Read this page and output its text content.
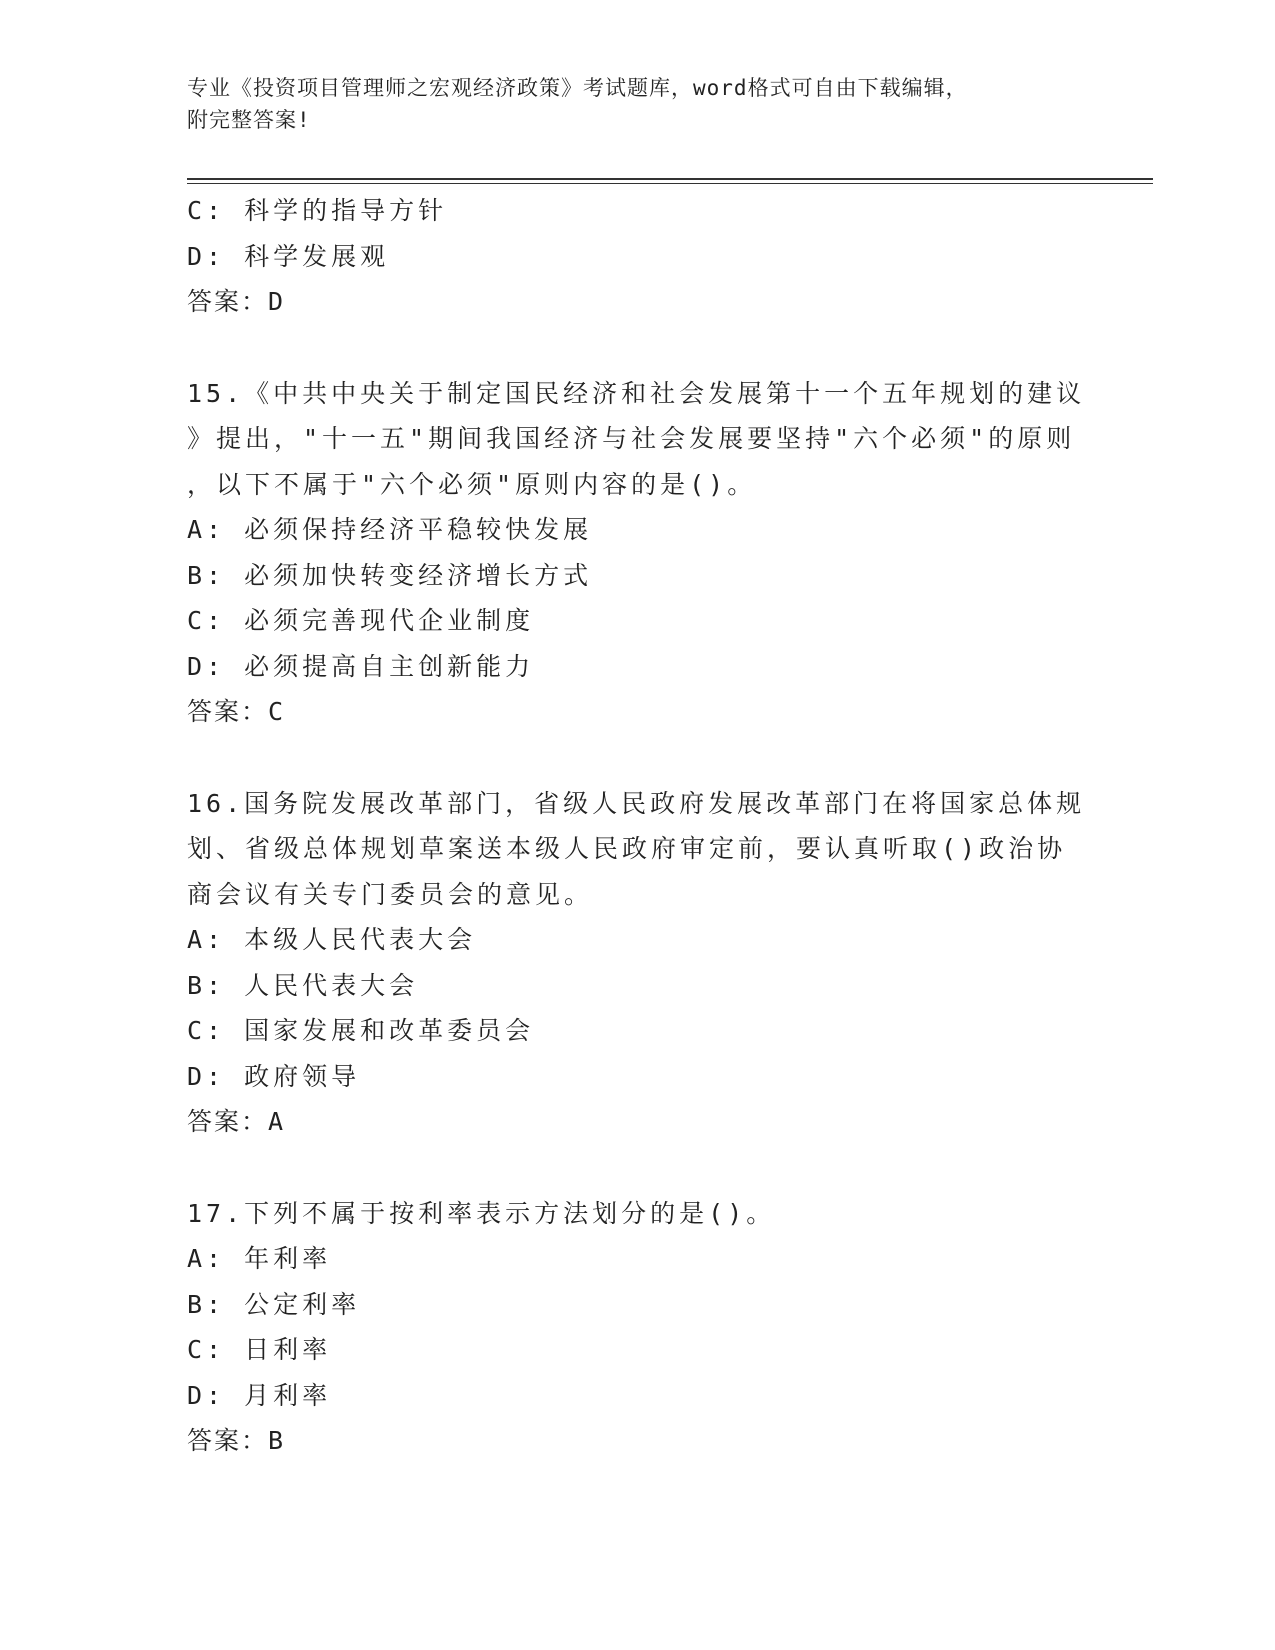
专业《投资项目管理师之宏观经济政策》考试题库，word格式可自由下载编辑，
附完整答案!
C: 科学的指导方针
D: 科学发展观
答案：D
15.《中共中央关于制定国民经济和社会发展第十一个五年规划的建议
》提出，"十一五"期间我国经济与社会发展要坚持"六个必须"的原则
，以下不属于"六个必须"原则内容的是()。
A: 必须保持经济平稳较快发展
B: 必须加快转变经济增长方式
C: 必须完善现代企业制度
D: 必须提高自主创新能力
答案：C
16.国务院发展改革部门，省级人民政府发展改革部门在将国家总体规
划、省级总体规划草案送本级人民政府审定前，要认真听取()政治协
商会议有关专门委员会的意见。
A: 本级人民代表大会
B: 人民代表大会
C: 国家发展和改革委员会
D: 政府领导
答案：A
17.下列不属于按利率表示方法划分的是()。
A: 年利率
B: 公定利率
C: 日利率
D: 月利率
答案：B
